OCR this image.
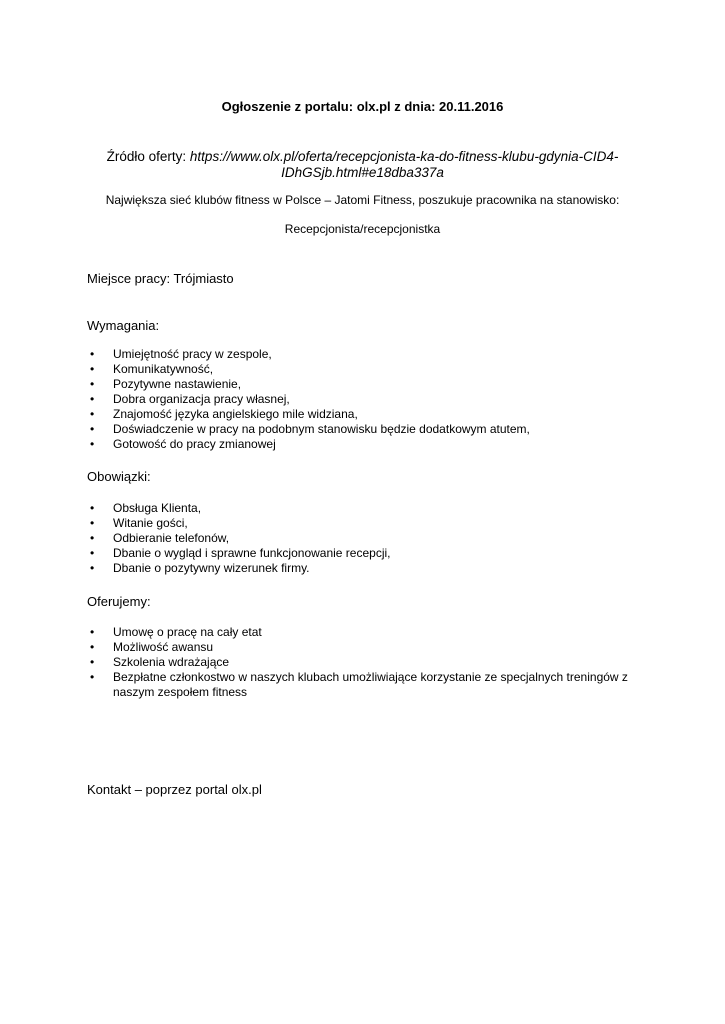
Ogłoszenie z portalu: olx.pl z dnia: 20.11.2016

Źródło oferty: https://www.olx.pl/oferta/recepcjonista-ka-do-fitness-klubu-gdynia-CID4-IDhGSjb.html#e18dba337a

Największa sieć klubów fitness w Polsce – Jatomi Fitness, poszukuje pracownika na stanowisko:

Recepcjonista/recepcjonistka

Miejsce pracy: Trójmiasto

Wymagania:

• Umiejętność pracy w zespole,
• Komunikatywność,
• Pozytywne nastawienie,
• Dobra organizacja pracy własnej,
• Znajomość języka angielskiego mile widziana,
• Doświadczenie w pracy na podobnym stanowisku będzie dodatkowym atutem,
• Gotowość do pracy zmianowej

Obowiązki:

• Obsługa Klienta,
• Witanie gości,
• Odbieranie telefonów,
• Dbanie o wygląd i sprawne funkcjonowanie recepcji,
• Dbanie o pozytywny wizerunek firmy.

Oferujemy:

• Umowę o pracę na cały etat
• Możliwość awansu
• Szkolenia wdrażające
• Bezpłatne członkostwo w naszych klubach umożliwiające korzystanie ze specjalnych treningów z naszym zespołem fitness

Kontakt – poprzez portal olx.pl
